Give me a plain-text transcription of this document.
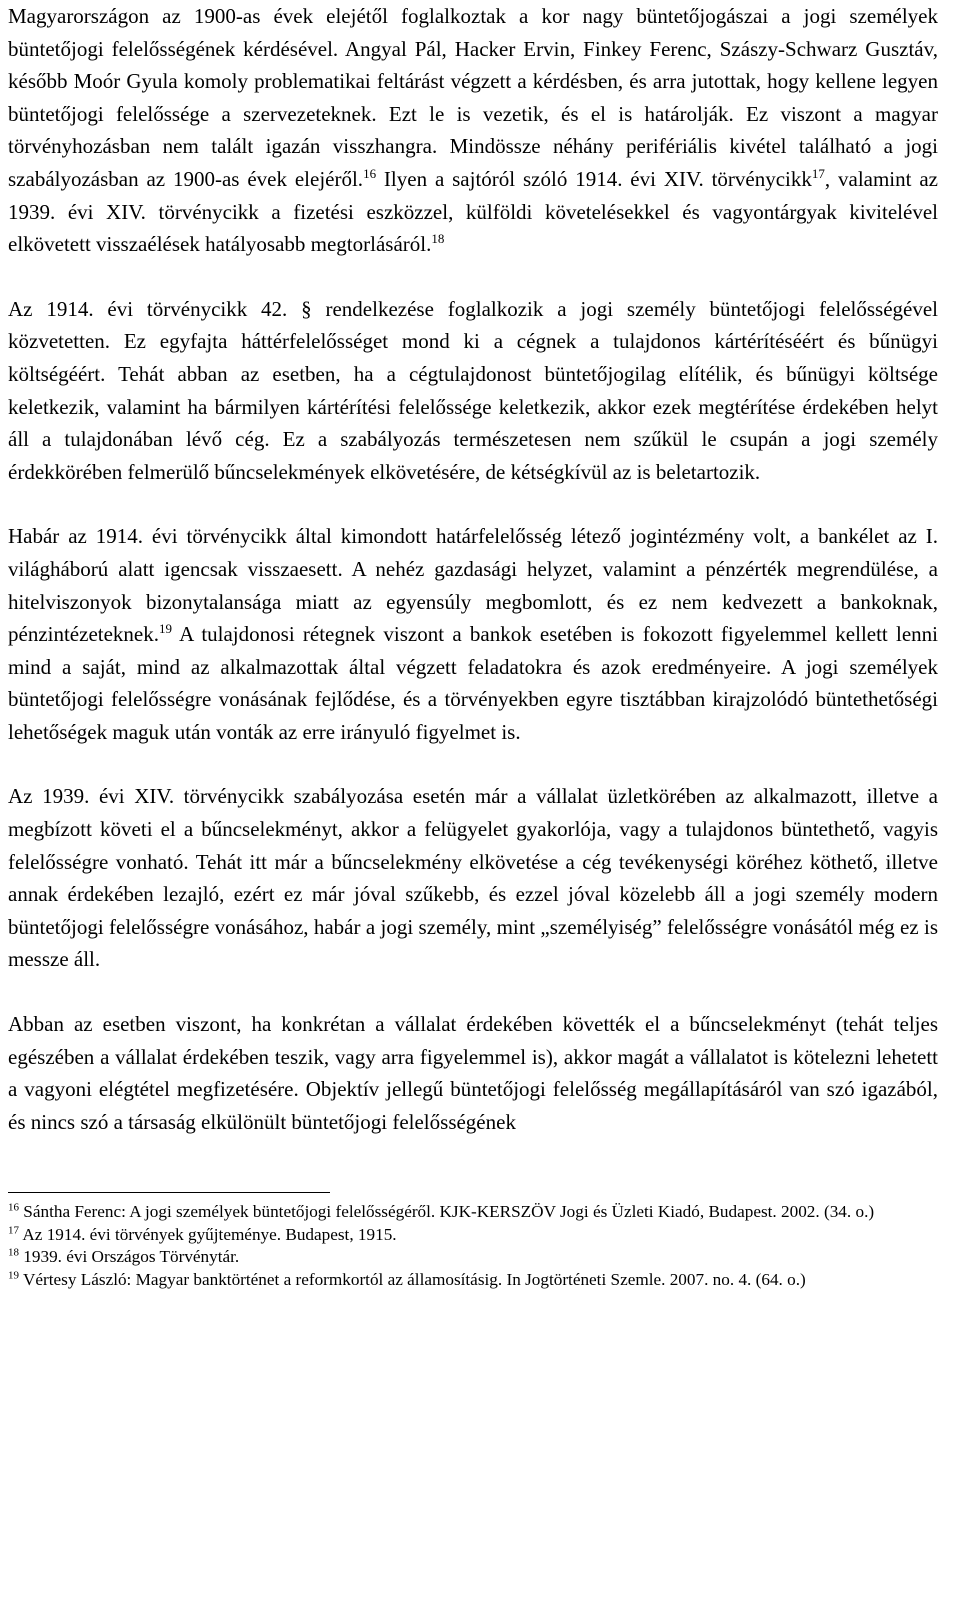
Magyarországon az 1900-as évek elejétől foglalkoztak a kor nagy büntetőjogászai a jogi személyek büntetőjogi felelősségének kérdésével. Angyal Pál, Hacker Ervin, Finkey Ferenc, Szászy-Schwarz Gusztáv, később Moór Gyula komoly problematikai feltárást végzett a kérdésben, és arra jutottak, hogy kellene legyen büntetőjogi felelőssége a szervezeteknek. Ezt le is vezetik, és el is határolják. Ez viszont a magyar törvényhozásban nem talált igazán visszhangra. Mindössze néhány perifériális kivétel található a jogi szabályozásban az 1900-as évek elejéről.$^{16}$ Ilyen a sajtóról szóló 1914. évi XIV. törvénycikk$^{17}$, valamint az 1939. évi XIV. törvénycikk a fizetési eszközzel, külföldi követelésekkel és vagyontárgyak kivitelével elkövetett visszaélések hatályosabb megtorlásáról.$^{18}$

Az 1914. évi törvénycikk 42. § rendelkezése foglalkozik a jogi személy büntetőjogi felelősségével közvetetten. Ez egyfajta háttérfelelősséget mond ki a cégnek a tulajdonos kártérítéséért és bűnügyi költségéért. Tehát abban az esetben, ha a cégtulajdonost büntetőjogilag elítélik, és bűnügyi költsége keletkezik, valamint ha bármilyen kártérítési felelőssége keletkezik, akkor ezek megtérítése érdekében helyt áll a tulajdonában lévő cég. Ez a szabályozás természetesen nem szűkül le csupán a jogi személy érdekkörében felmerülő bűncselekmények elkövetésére, de kétségkívül az is beletartozik.

Habár az 1914. évi törvénycikk által kimondott határfelelősség létező jogintézmény volt, a bankélet az I. világháború alatt igencsak visszaesett. A nehéz gazdasági helyzet, valamint a pénzérték megrendülése, a hitelviszonyok bizonytalansága miatt az egyensúly megbomlott, és ez nem kedvezett a bankoknak, pénzintézeteknek.$^{19}$ A tulajdonosi rétegnek viszont a bankok esetében is fokozott figyelemmel kellett lenni mind a saját, mind az alkalmazottak által végzett feladatokra és azok eredményeire. A jogi személyek büntetőjogi felelősségre vonásának fejlődése, és a törvényekben egyre tisztábban kirajzolódó büntethetőségi lehetőségek maguk után vonták az erre irányuló figyelmet is.

Az 1939. évi XIV. törvénycikk szabályozása esetén már a vállalat üzletkörében az alkalmazott, illetve a megbízott követi el a bűncselekményt, akkor a felügyelet gyakorlója, vagy a tulajdonos büntethető, vagyis felelősségre vonható. Tehát itt már a bűncselekmény elkövetése a cég tevékenységi köréhez köthető, illetve annak érdekében lezajló, ezért ez már jóval szűkebb, és ezzel jóval közelebb áll a jogi személy modern büntetőjogi felelősségre vonásához, habár a jogi személy, mint „személyiség” felelősségre vonásától még ez is messze áll.

Abban az esetben viszont, ha konkrétan a vállalat érdekében követték el a bűncselekményt (tehát teljes egészében a vállalat érdekében teszik, vagy arra figyelemmel is), akkor magát a vállalatot is kötelezni lehetett a vagyoni elégtétel megfizetésére. Objektív jellegű büntetőjogi felelősség megállapításáról van szó igazából, és nincs szó a társaság elkülönült büntetőjogi felelősségének

$^{16}$ Sántha Ferenc: A jogi személyek büntetőjogi felelősségéről. KJK-KERSZÖV Jogi és Üzleti Kiadó, Budapest. 2002. (34. o.)

$^{17}$ Az 1914. évi törvények gyűjteménye. Budapest, 1915.

$^{18}$ 1939. évi Országos Törvénytár.

$^{19}$ Vértesy László: Magyar banktörténet a reformkortól az államosításig. In Jogtörténeti Szemle. 2007. no. 4. (64. o.)
